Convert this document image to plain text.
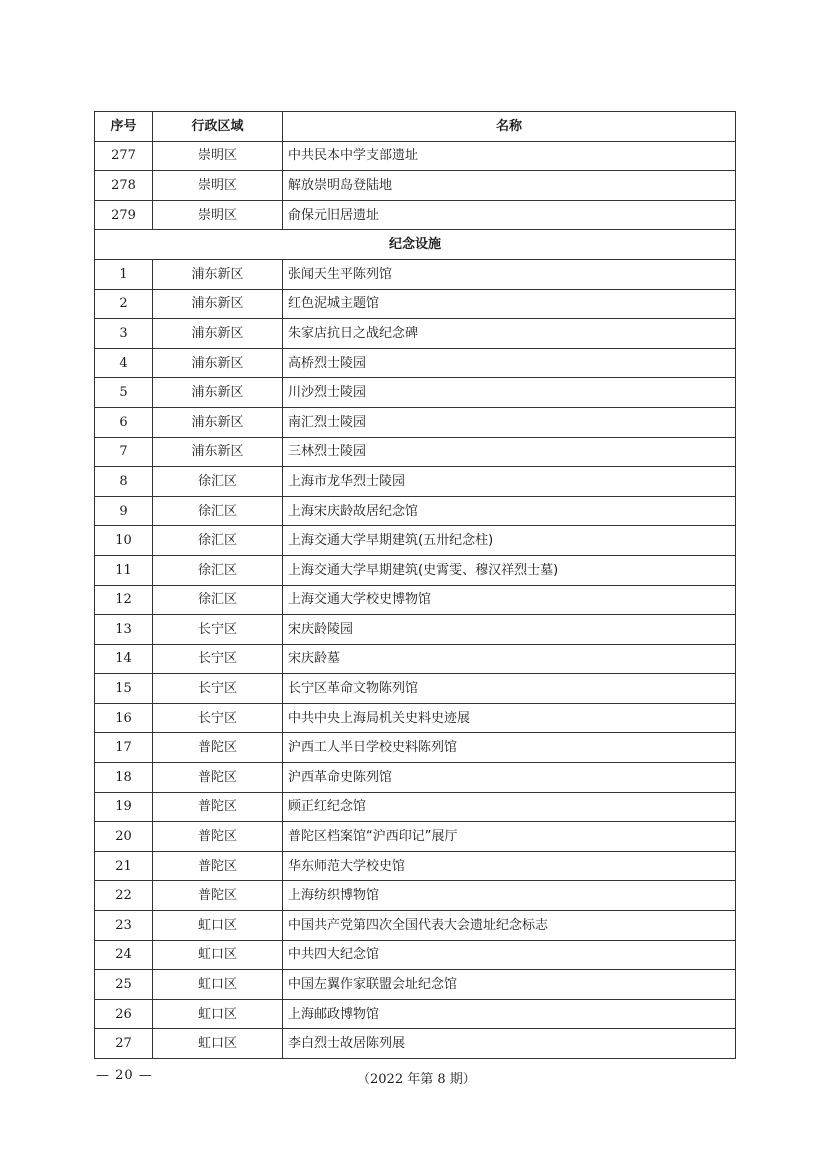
序号	行政区域	名称
277	崇明区	中共民本中学支部遗址
278	崇明区	解放崇明岛登陆地
279	崇明区	俞保元旧居遗址
纪念设施		
1	浦东新区	张闻天生平陈列馆
2	浦东新区	红色泥城主题馆
3	浦东新区	朱家店抗日之战纪念碑
4	浦东新区	高桥烈士陵园
5	浦东新区	川沙烈士陵园
6	浦东新区	南汇烈士陵园
7	浦东新区	三林烈士陵园
8	徐汇区	上海市龙华烈士陵园
9	徐汇区	上海宋庆龄故居纪念馆
10	徐汇区	上海交通大学早期建筑(五卅纪念柱)
11	徐汇区	上海交通大学早期建筑(史霄雯、穆汉祥烈士墓)
12	徐汇区	上海交通大学校史博物馆
13	长宁区	宋庆龄陵园
14	长宁区	宋庆龄墓
15	长宁区	长宁区革命文物陈列馆
16	长宁区	中共中央上海局机关史料史迹展
17	普陀区	沪西工人半日学校史料陈列馆
18	普陀区	沪西革命史陈列馆
19	普陀区	顾正红纪念馆
20	普陀区	普陀区档案馆“沪西印记”展厅
21	普陀区	华东师范大学校史馆
22	普陀区	上海纺织博物馆
23	虹口区	中国共产党第四次全国代表大会遗址纪念标志
24	虹口区	中共四大纪念馆
25	虹口区	中国左翼作家联盟会址纪念馆
26	虹口区	上海邮政博物馆
27	虹口区	李白烈士故居陈列展
— 20 —	（2022 年第 8 期）
